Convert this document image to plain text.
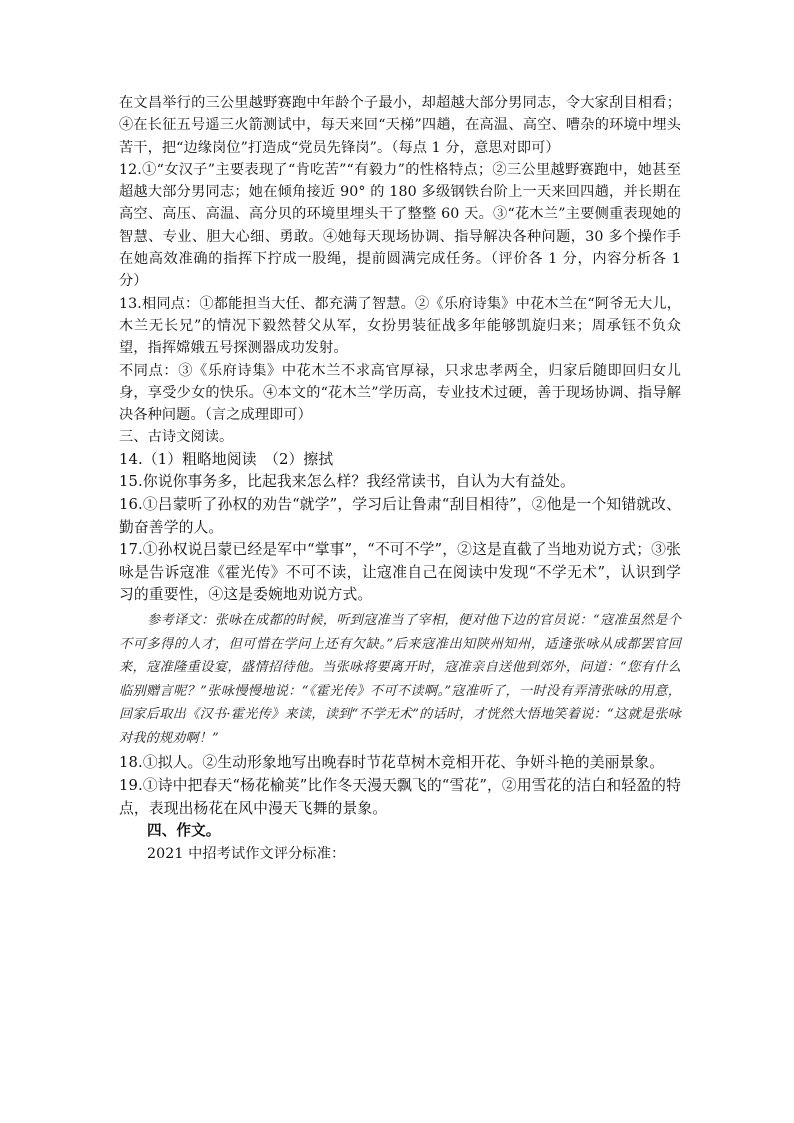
在文昌举行的三公里越野赛跑中年龄个子最小，却超越大部分男同志，令大家刮目相看；④在长征五号遥三火箭测试中，每天来回“天梯”四趟，在高温、高空、嘈杂的环境中埋头苦干，把“边缘岗位”打造成“党员先锋岗”。（每点 1 分，意思对即可）

12.①“女汉子”主要表现了“肯吃苦”“有毅力”的性格特点；②三公里越野赛跑中，她甚至超越大部分男同志；她在倾角接近 90° 的 180 多级钢铁台阶上一天来回四趟，并长期在高空、高压、高温、高分贝的环境里埋头干了整整 60 天。③“花木兰”主要侧重表现她的智慧、专业、胆大心细、勇敢。④她每天现场协调、指导解决各种问题，30 多个操作手在她高效准确的指挥下拧成一股绳，提前圆满完成任务。（评价各 1 分，内容分析各 1 分）

13.相同点：①都能担当大任、都充满了智慧。②《乐府诗集》中花木兰在“阿爷无大儿，木兰无长兄”的情况下毅然替父从军，女扮男装征战多年能够凯旋归来；周承钰不负众望，指挥嫦娥五号探测器成功发射。

不同点：③《乐府诗集》中花木兰不求高官厚禄，只求忠孝两全，归家后随即回归女儿身，享受少女的快乐。④本文的“花木兰”学历高，专业技术过硬，善于现场协调、指导解决各种问题。（言之成理即可）

三、古诗文阅读。

14.（1）粗略地阅读　（2）擦拭

15.你说你事务多，比起我来怎么样？我经常读书，自认为大有益处。

16.①吕蒙听了孙权的劝告“就学”，学习后让鲁肃“刮目相待”，②他是一个知错就改、勤奋善学的人。

17.①孙权说吕蒙已经是军中“掌事”，“不可不学”，②这是直截了当地劝说方式；③张咏是告诉寇准《霍光传》不可不读，让寇准自己在阅读中发现“不学无术”，认识到学习的重要性，④这是委婉地劝说方式。

参考译文：张咏在成都的时候，听到寇准当了宰相，便对他下边的官员说：“寇准虽然是个不可多得的人才，但可惜在学问上还有欠缺。”后来寇准出知陕州知州，适逢张咏从成都罢官回来，寇准隆重设宴，盛情招待他。当张咏将要离开时，寇准亲自送他到郊外，问道：“您有什么临别赠言呢？”张咏慢慢地说：“《霍光传》不可不读啊。”寇准听了，一时没有弄清张咏的用意，回家后取出《汉书·霍光传》来读，读到“不学无术”的话时，才恍然大悟地笑着说：“这就是张咏对我的规劝啊！”

18.①拟人。②生动形象地写出晚春时节花草树木竞相开花、争妍斗艳的美丽景象。

19.①诗中把春天“杨花榆荚”比作冬天漫天飘飞的“雪花”，②用雪花的洁白和轻盈的特点，表现出杨花在风中漫天飞舞的景象。

四、作文。

2021 中招考试作文评分标准：
